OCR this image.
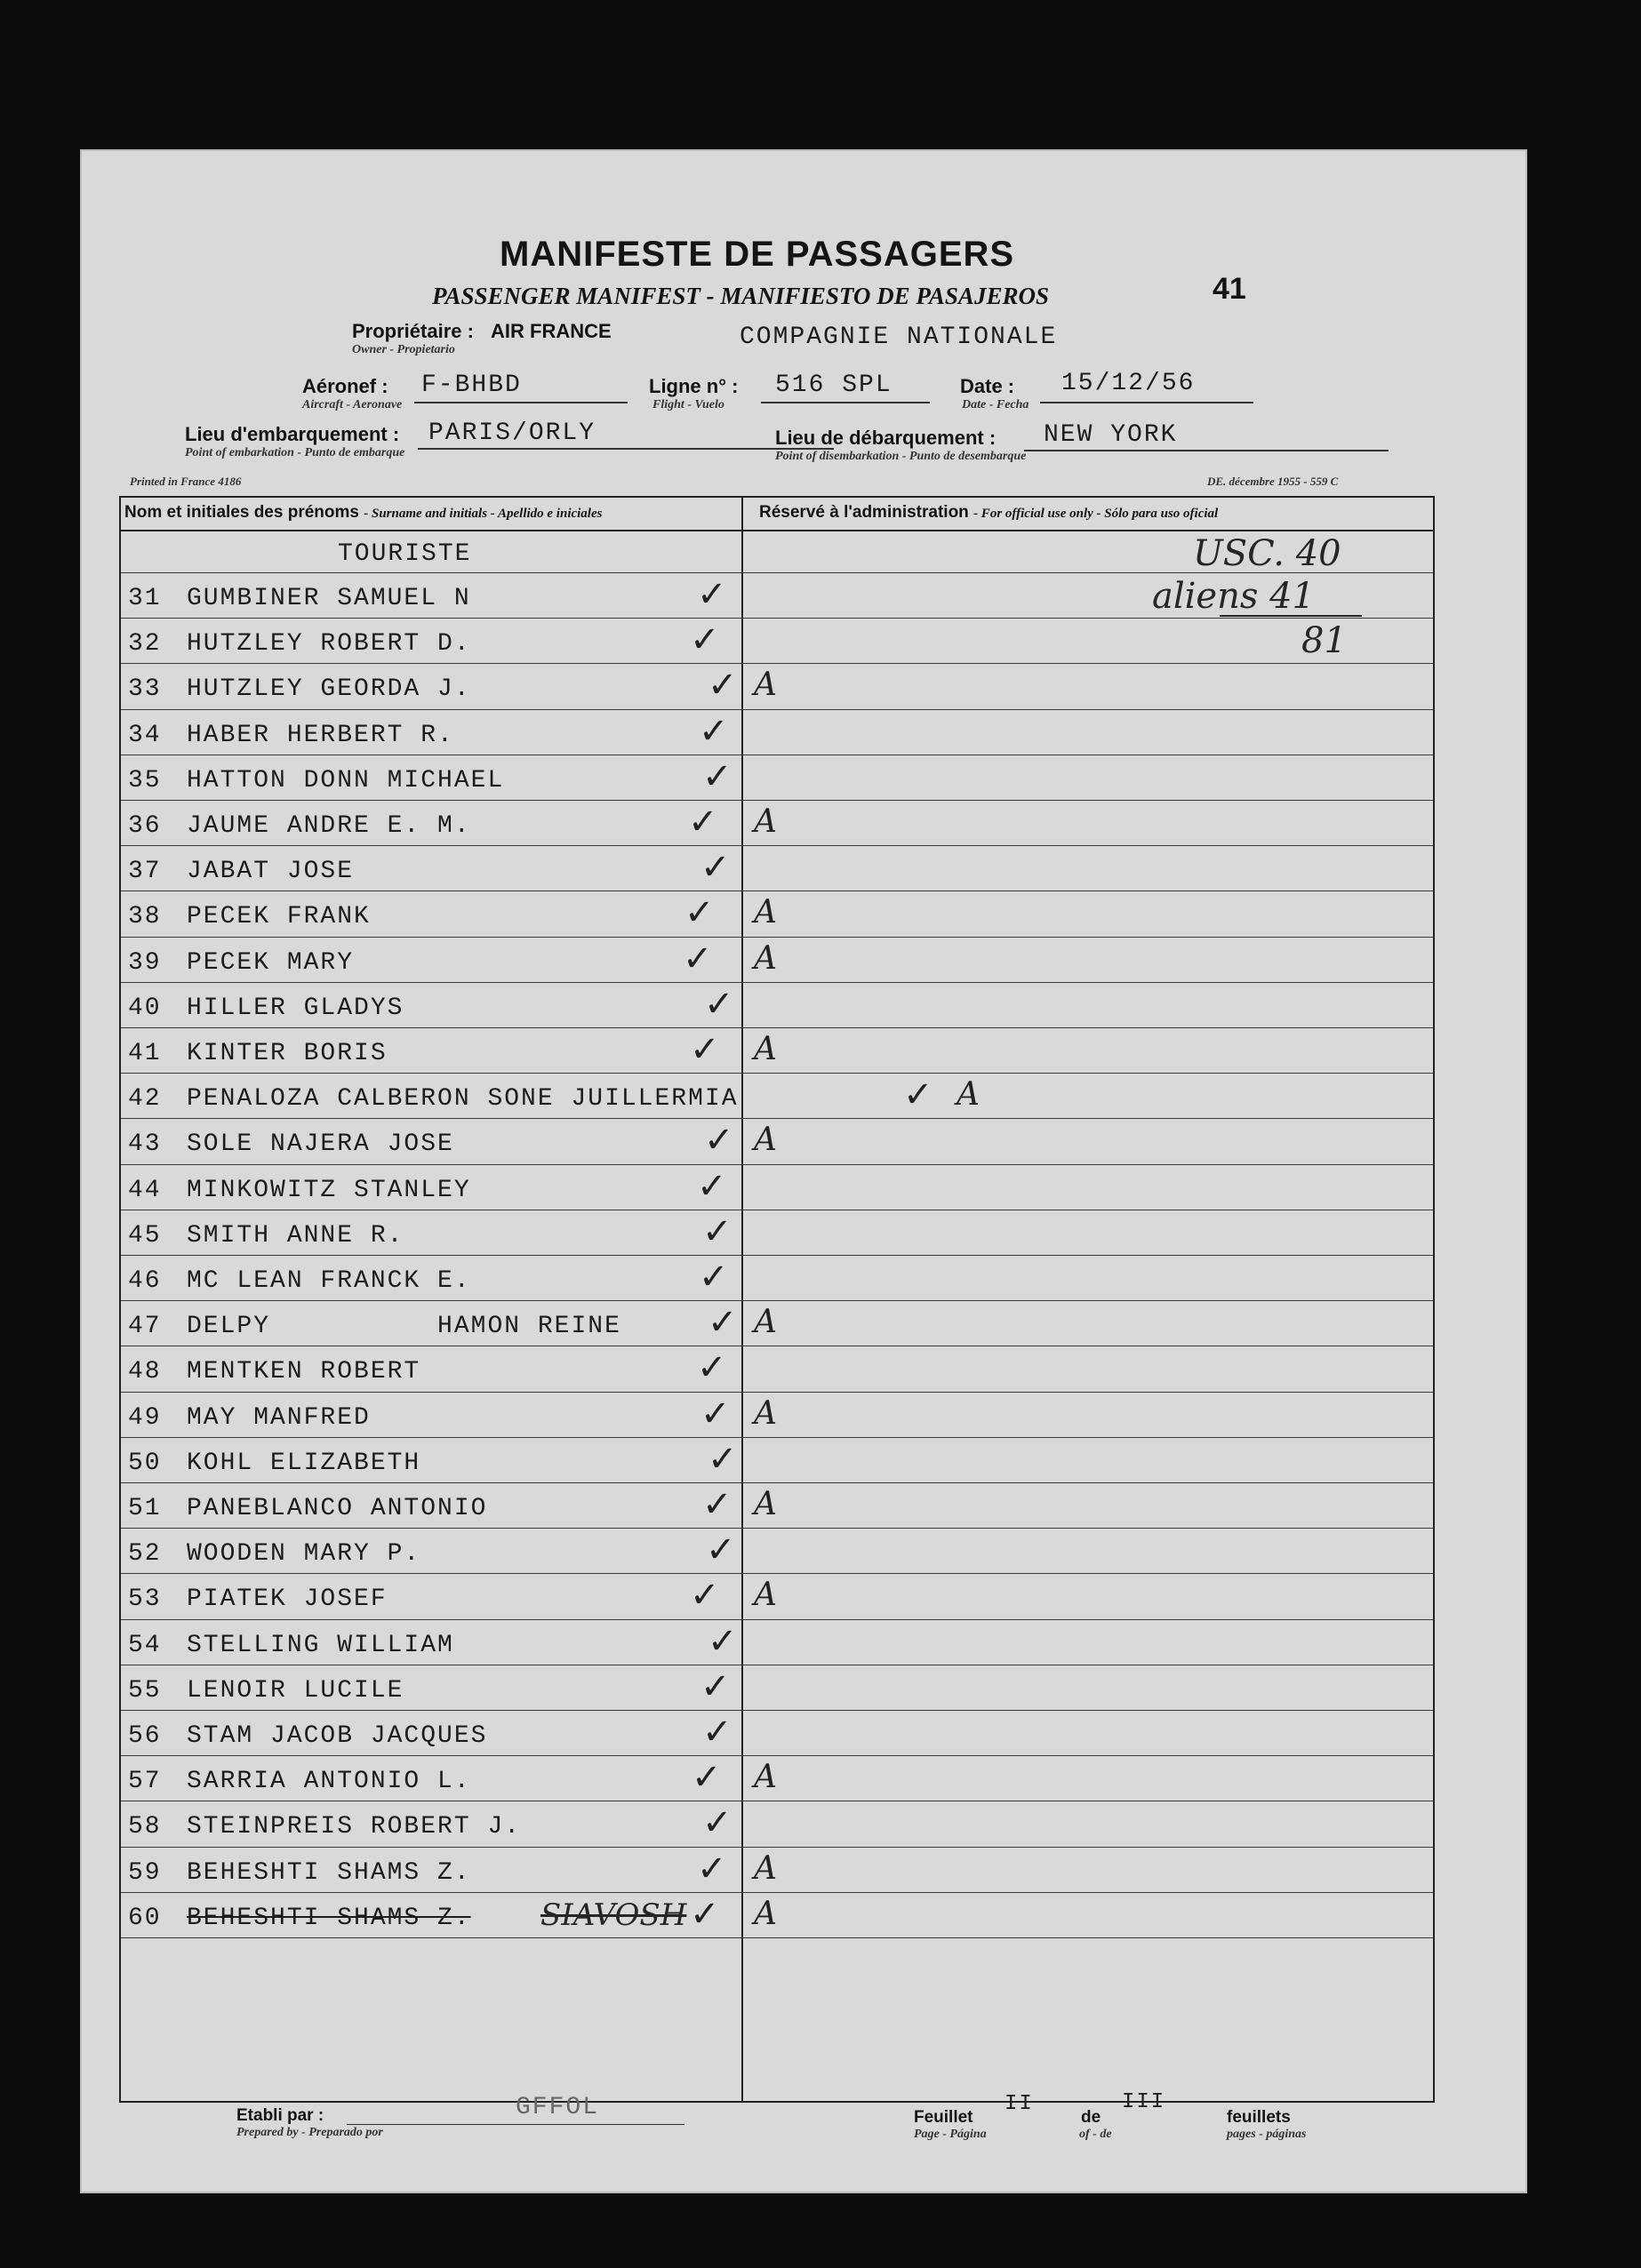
MANIFESTE DE PASSAGERS
PASSENGER MANIFEST - MANIFIESTO DE PASAJEROS	41
Propriétaire :
Owner - Propietario
AIR FRANCE	COMPAGNIE NATIONALE
Aéronef :
Aircraft - Aeronave
F-BHBD	Ligne n° :
Flight - Vuelo
516 SPL	Date :
Date - Fecha
15/12/56
Lieu d'embarquement :
Point of embarkation - Punto de embarque
PARIS/ORLY	Lieu de débarquement :
Point of disembarkation - Punto de desembarque
NEW YORK
Printed in France 4186	DE. décembre 1955 - 559 C
Nom et initiales des prénoms - Surname and initials - Apellido e iniciales	Réservé à l'administration - For official use only - Sólo para uso oficial
TOURISTE	USC. 40
aliens 41
81
31 GUMBINER SAMUEL N	✓
32 HUTZLEY ROBERT D.	✓
33 HUTZLEY GEORDA J.	✓ A
34 HABER HERBERT R.	✓
35 HATTON DONN MICHAEL	✓
36 JAUME ANDRE E. M.	✓ A
37 JABAT JOSE	✓
38 PECEK FRANK	✓ A
39 PECEK MARY	✓ A
40 HILLER GLADYS	✓
41 KINTER BORIS	✓ A
42 PENALOZA CALBERON SONE JUILLERMIA	✓ A
43 SOLE NAJERA JOSE	✓ A
44 MINKOWITZ STANLEY	✓
45 SMITH ANNE R.	✓
46 MC LEAN FRANCK E.	✓
47 DELPY          HAMON REINE ✓ A
48 MENTKEN ROBERT	✓
49 MAY MANFRED	✓ A
50 KOHL ELIZABETH	✓
51 PANEBLANCO ANTONIO	✓ A
52 WOODEN MARY P.	✓
53 PIATEK JOSEF	✓ A
54 STELLING WILLIAM	✓
55 LENOIR LUCILE	✓
56 STAM JACOB JACQUES	✓
57 SARRIA ANTONIO L.	✓ A
58 STEINPREIS ROBERT J.	✓
59 BEHESHTI SHAMS Z.	✓ A
60 BEHESHTI SHAMS Z. SIAVOSH ✓ A
Etabli par :
Prepared by - Preparado por
GFFOL	Feuillet
Page - Página
II
de
of - de
III
feuillets
pages - páginas
